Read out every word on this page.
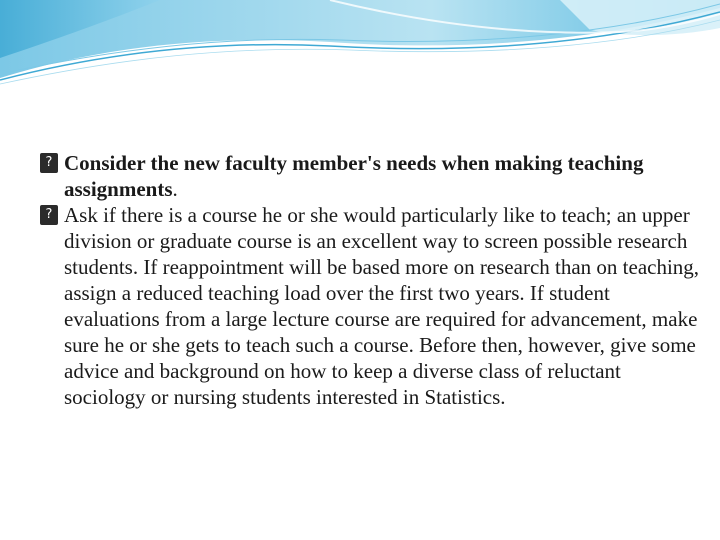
?
Consider the new faculty member's needs when making teaching assignments.

?
Ask if there is a course he or she would particularly like to teach; an upper division or graduate course is an excellent way to screen possible research students. If reappointment will be based more on research than on teaching, assign a reduced teaching load over the first two years. If student evaluations from a large lecture course are required for advancement, make sure he or she gets to teach such a course. Before then, however, give some advice and background on how to keep a diverse class of reluctant sociology or nursing students interested in Statistics.
